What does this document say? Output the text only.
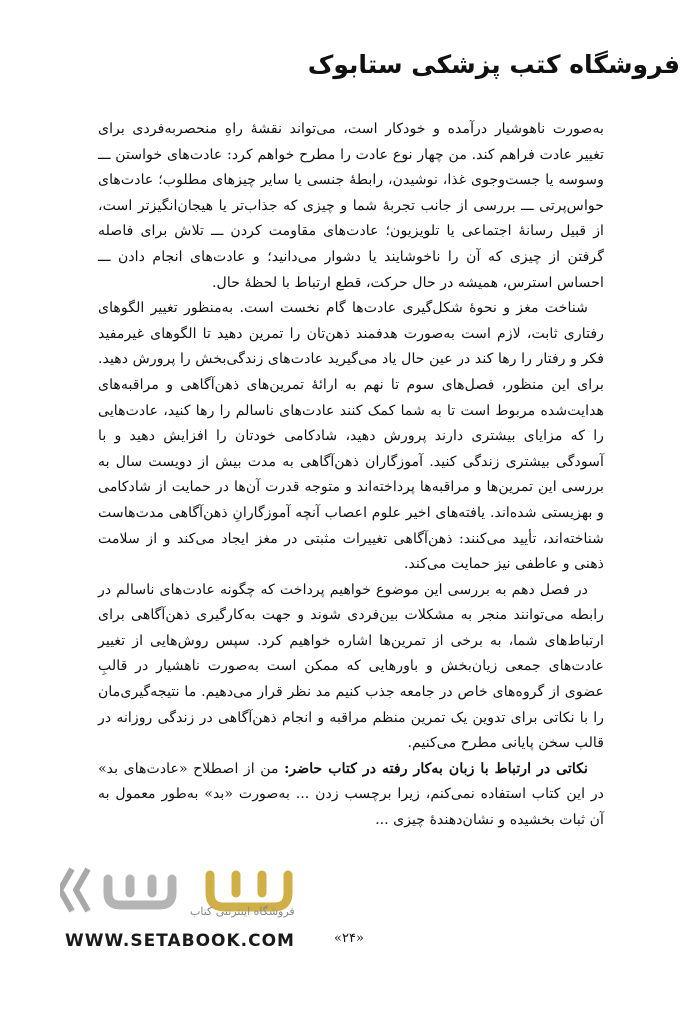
فروشگاه کتب پزشکی ستابوک

به‌صورت ناهوشیار درآمده و خودکار است، می‌تواند نقشهٔ راهِ منحصربه‌فردی برای تغییر عادت فراهم کند. من چهار نوع عادت را مطرح خواهم کرد: عادت‌های خواستن ـــ وسوسه یا جست‌وجوی غذا، نوشیدن، رابطهٔ جنسی یا سایر چیزهای مطلوب؛ عادت‌های حواس‌پرتی ـــ بررسی از جانب تجربهٔ شما و چیزی که جذاب‌تر یا هیجان‌انگیزتر است، از قبیل رسانهٔ اجتماعی یا تلویزیون؛ عادت‌های مقاومت کردن ـــ تلاش برای فاصله گرفتن از چیزی که آن را ناخوشایند یا دشوار می‌دانید؛ و عادت‌های انجام دادن ـــ احساس استرس، همیشه در حال حرکت، قطع ارتباط با لحظهٔ حال.

شناخت مغز و نحوهٔ شکل‌گیری عادت‌ها گام نخست است. به‌منظور تغییر الگوهای رفتاری ثابت، لازم است به‌صورت هدفمند ذهن‌تان را تمرین دهید تا الگوهای غیرمفید فکر و رفتار را رها کند در عین حال یاد می‌گیرید عادت‌های زندگی‌بخش را پرورش دهید. برای این منظور، فصل‌های سوم تا نهم به ارائهٔ تمرین‌های ذهن‌آگاهی و مراقبه‌های هدایت‌شده مربوط است تا به شما کمک کنند عادت‌های ناسالم را رها کنید، عادت‌هایی را که مزایای بیشتری دارند پرورش دهید، شادکامی خودتان را افزایش دهید و با آسودگی بیشتری زندگی کنید. آموزگاران ذهن‌آگاهی به مدت بیش از دویست سال به بررسی این تمرین‌ها و مراقبه‌ها پرداخته‌اند و متوجه قدرت آن‌ها در حمایت از شادکامی و بهزیستی شده‌اند. یافته‌های اخیر علوم اعصاب آنچه آموزگارانِ ذهن‌آگاهی مدت‌هاست شناخته‌اند، تأیید می‌کنند: ذهن‌آگاهی تغییرات مثبتی در مغز ایجاد می‌کند و از سلامت ذهنی و عاطفی نیز حمایت می‌کند.

در فصل دهم به بررسی این موضوع خواهیم پرداخت که چگونه عادت‌های ناسالم در رابطه می‌توانند منجر به مشکلات بین‌فردی شوند و جهت به‌کارگیری ذهن‌آگاهی برای ارتباط‌های شما، به برخی از تمرین‌ها اشاره خواهیم کرد. سپس روش‌هایی از تغییر عادت‌های جمعی زیان‌بخش و باورهایی که ممکن است به‌صورت ناهشیار در قالبِ عضوی از گروه‌های خاص در جامعه جذب کنیم مد نظر قرار می‌دهیم. ما نتیجه‌گیری‌مان را با نکاتی برای تدوین یک تمرین منظم مراقبه و انجام ذهن‌آگاهی در زندگی روزانه در قالب سخن پایانی مطرح می‌کنیم.

نکاتی در ارتباط با زبان به‌کار رفته در کتاب حاضر: من از اصطلاح «عادت‌های بد» در این کتاب استفاده نمی‌کنم، زیرا برچسب زدن ... به‌صورت «بد» به‌طور معمول به آن ثبات بخشیده و نشان‌دهندهٔ چیزی ...

فروشگاه اینترنتی کتاب
WWW.SETABOOK.COM	«۲۴»
